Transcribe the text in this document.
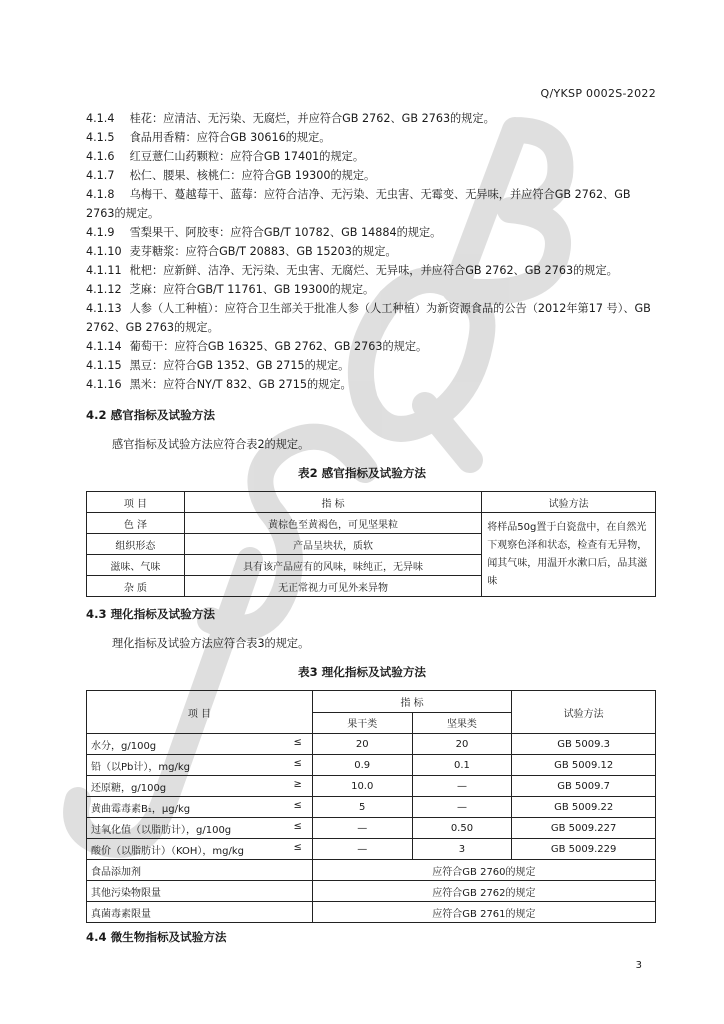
Q/YKSP 0002S-2022

4.1.4 桂花：应清洁、无污染、无腐烂，并应符合GB 2762、GB 2763的规定。

4.1.5 食品用香精：应符合GB 30616的规定。

4.1.6 红豆薏仁山药颗粒：应符合GB 17401的规定。

4.1.7 松仁、腰果、核桃仁：应符合GB 19300的规定。

4.1.8 乌梅干、蔓越莓干、蓝莓：应符合洁净、无污染、无虫害、无霉变、无异味，并应符合GB 2762、GB 2763的规定。

4.1.9 雪梨果干、阿胶枣：应符合GB/T 10782、GB 14884的规定。

4.1.10 麦芽糖浆：应符合GB/T 20883、GB 15203的规定。

4.1.11 枇杷：应新鲜、洁净、无污染、无虫害、无腐烂、无异味，并应符合GB 2762、GB 2763的规定。

4.1.12 芝麻：应符合GB/T 11761、GB 19300的规定。

4.1.13 人参（人工种植）：应符合卫生部关于批准人参（人工种植）为新资源食品的公告（2012年第17 号）、GB 2762、GB 2763的规定。

4.1.14 葡萄干：应符合GB 16325、GB 2762、GB 2763的规定。

4.1.15 黑豆：应符合GB 1352、GB 2715的规定。

4.1.16 黑米：应符合NY/T 832、GB 2715的规定。

4.2 感官指标及试验方法
感官指标及试验方法应符合表2的规定。
表2 感官指标及试验方法
项 目	指 标	试验方法
色 泽	黄棕色至黄褐色，可见坚果粒	将样品50g置于白瓷盘中，在自然光下观察色泽和状态，检查有无异物，闻其气味，用温开水漱口后，品其滋味
组织形态	产品呈块状，质软	
滋味、气味	具有该产品应有的风味，味纯正，无异味	
杂 质	无正常视力可见外来异物	
4.3 理化指标及试验方法
理化指标及试验方法应符合表3的规定。
表3 理化指标及试验方法
项 目	指 标		试验方法
	果干类	坚果类	
水分，g/100g ≤	20	20	GB 5009.3
铅（以Pb计），mg/kg ≤	0.9	0.1	GB 5009.12
还原糖，g/100g ≥	10.0	—	GB 5009.7
黄曲霉毒素B₁，μg/kg ≤	5	—	GB 5009.22
过氧化值（以脂肪计），g/100g ≤	—	0.50	GB 5009.227
酸价（以脂肪计）（KOH），mg/kg ≤	—	3	GB 5009.229
食品添加剂	应符合GB 2760的规定		
其他污染物限量	应符合GB 2762的规定		
真菌毒素限量	应符合GB 2761的规定		
4.4 微生物指标及试验方法
3
